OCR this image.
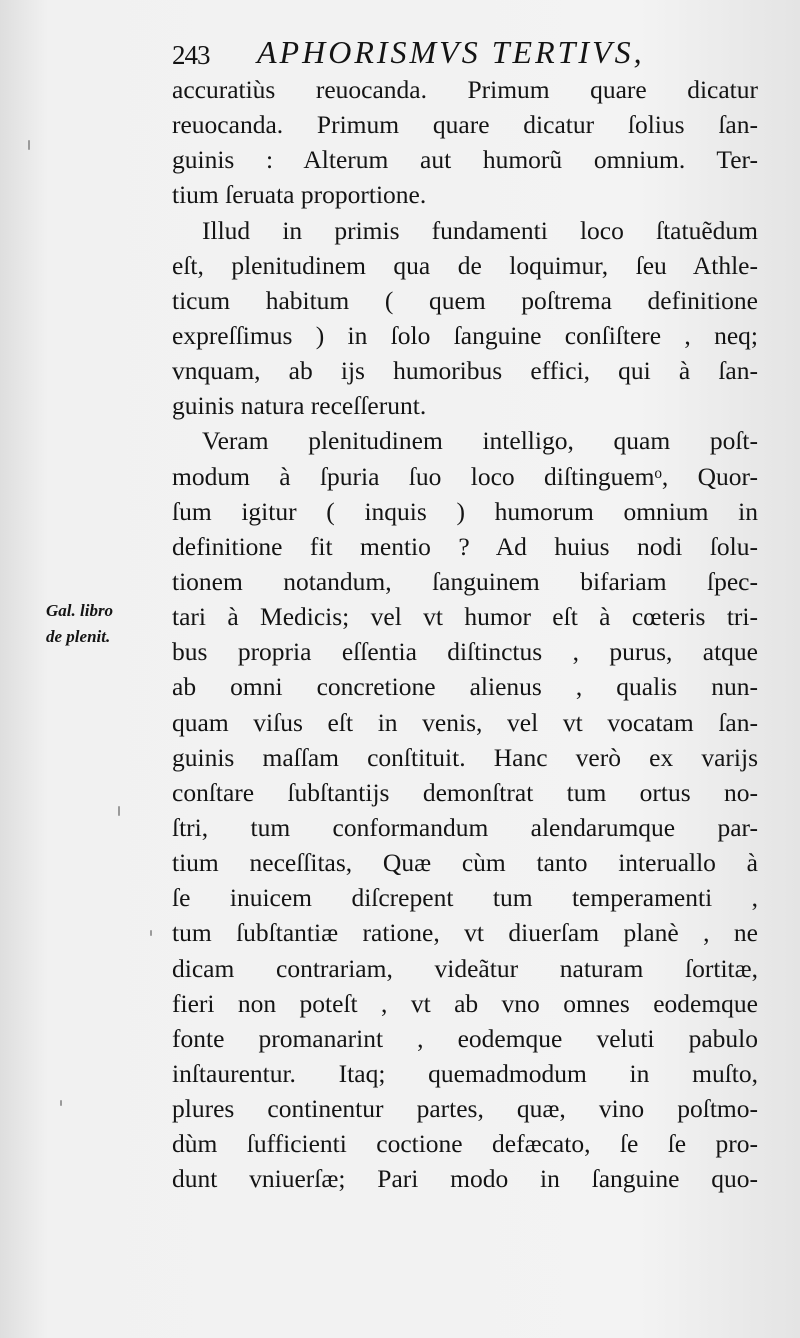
243 APHORISMVS TERTIVS,
Gal. libro
de plenit.
accuratiùs reuocanda. Primum quare dicatur
reuocanda. Primum quare dicatur ſolius ſan-
guinis : Alterum aut humorũ omnium. Ter-
tium ſeruata proportione.
Illud in primis fundamenti loco ſtatuẽdum
eſt, plenitudinem qua de loquimur, ſeu Athle-
ticum habitum ( quem poſtrema definitione
expreſſimus ) in ſolo ſanguine conſiſtere , neq;
vnquam, ab ijs humoribus effici, qui à ſan-
guinis natura receſſerunt.
Veram plenitudinem intelligo, quam poſt-
modum à ſpuria ſuo loco diſtinguemᵒ, Quor-
ſum igitur ( inquis ) humorum omnium in
definitione fit mentio ? Ad huius nodi ſolu-
tionem notandum, ſanguinem bifariam ſpec-
tari à Medicis; vel vt humor eſt à cœteris tri-
bus propria eſſentia diſtinctus , purus, atque
ab omni concretione alienus , qualis nun-
quam viſus eſt in venis, vel vt vocatam ſan-
guinis maſſam conſtituit. Hanc verò ex varijs
conſtare ſubſtantijs demonſtrat tum ortus no-
ſtri, tum conformandum alendarumque par-
tium neceſſitas, Quæ cùm tanto interuallo à
ſe inuicem diſcrepent tum temperamenti ,
tum ſubſtantiæ ratione, vt diuerſam planè , ne
dicam contrariam, videãtur naturam ſortitæ,
fieri non poteſt , vt ab vno omnes eodemque
fonte promanarint , eodemque veluti pabulo
inſtaurentur. Itaq; quemadmodum in muſto,
plures continentur partes, quæ, vino poſtmo-
dùm ſufficienti coctione defæcato, ſe ſe pro-
dunt vniuerſæ; Pari modo in ſanguine quo-
